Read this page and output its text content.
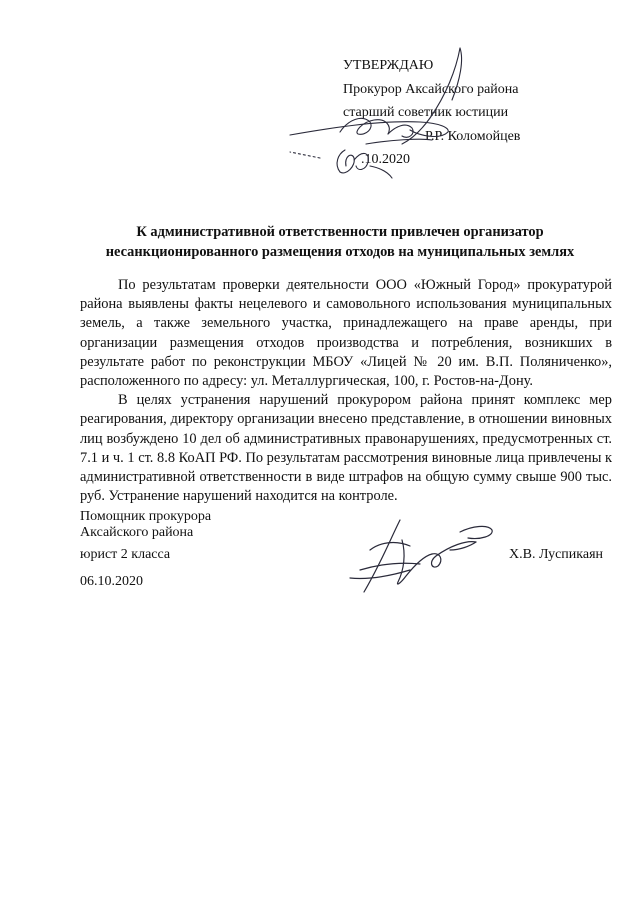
УТВЕРЖДАЮ
Прокурор Аксайского района
старший советник юстиции
Р.Р. Коломойцев
.10.2020
К административной ответственности привлечен организатор несанкционированного размещения отходов на муниципальных землях

По результатам проверки деятельности ООО «Южный Город» прокуратурой района выявлены факты нецелевого и самовольного использования муниципальных земель, а также земельного участка, принадлежащего на праве аренды, при организации размещения отходов производства и потребления, возникших в результате работ по реконструкции МБОУ «Лицей № 20 им. В.П. Поляниченко», расположенного по адресу: ул. Металлургическая, 100, г. Ростов-на-Дону.

В целях устранения нарушений прокурором района принят комплекс мер реагирования, директору организации внесено представление, в отношении виновных лиц возбуждено 10 дел об административных правонарушениях, предусмотренных ст. 7.1 и ч. 1 ст. 8.8 КоАП РФ. По результатам рассмотрения виновные лица привлечены к административной ответственности в виде штрафов на общую сумму свыше 900 тыс. руб. Устранение нарушений находится на контроле.

Помощник прокурора
Аксайского района
юрист 2 класса
06.10.2020
Х.В. Луспикаян
